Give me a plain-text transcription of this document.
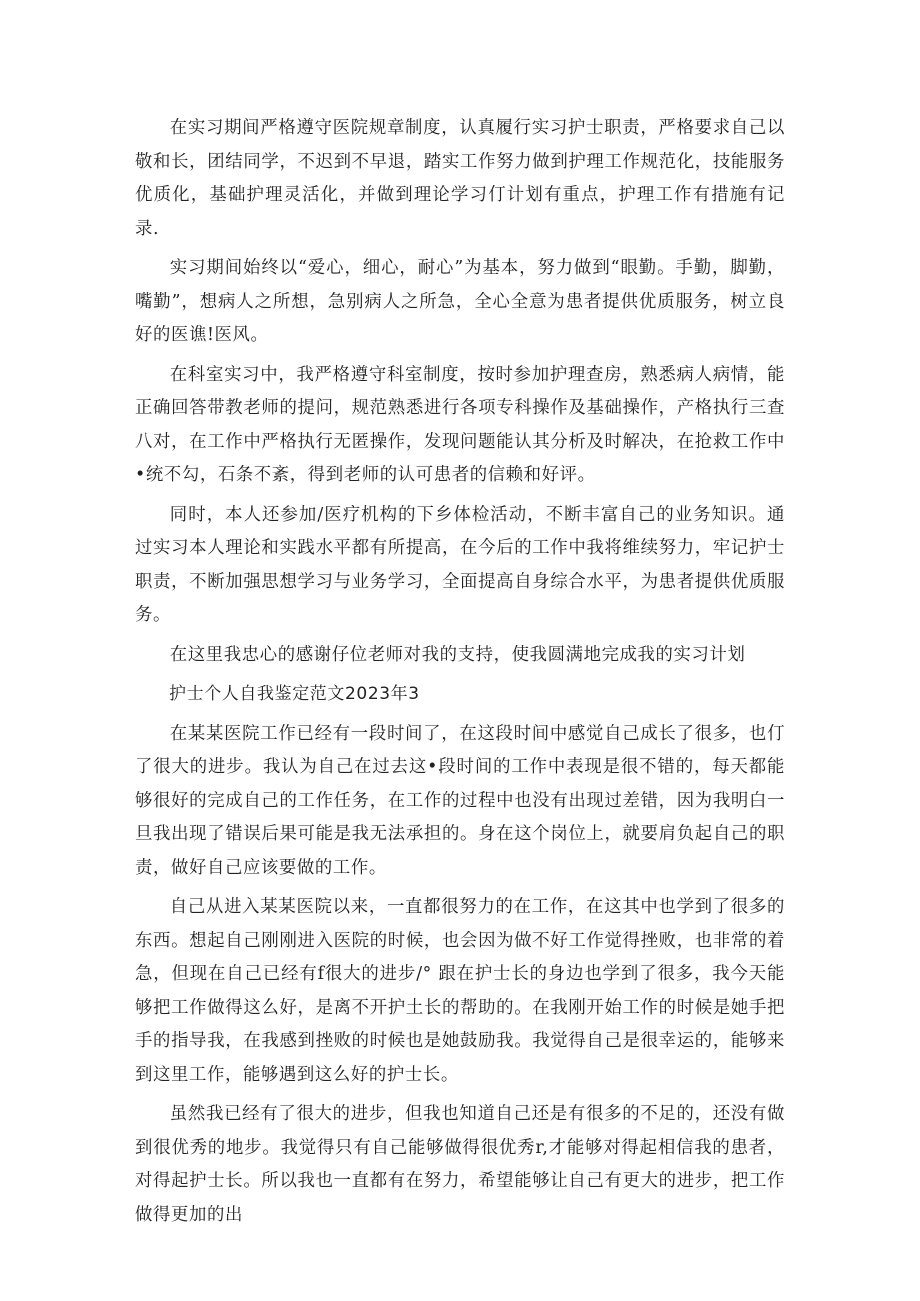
在实习期间严格遵守医院规章制度，认真履行实习护士职责，严格要求自己以敬和长，团结同学，不迟到不早退，踏实工作努力做到护理工作规范化，技能服务优质化，基础护理灵活化，并做到理论学习仃计划有重点，护理工作有措施有记录.

实习期间始终以“爱心，细心，耐心”为基本，努力做到“眼勤。手勤，脚勤，嘴勤”，想病人之所想，急别病人之所急，全心全意为患者提供优质服务，树立良好的医谯!医风。

在科室实习中，我严格遵守科室制度，按时参加护理查房，熟悉病人病情，能正确回答带教老师的提问，规范熟悉进行各项专科操作及基础操作，产格执行三查八对，在工作中严格执行无匿操作，发现问题能认其分析及时解决，在抢救工作中•统不勾，石条不紊，得到老师的认可患者的信赖和好评。

同时，本人还参加/医疗机构的下乡体检活动，不断丰富自己的业务知识。通过实习本人理论和实践水平都有所提高，在今后的工作中我将维续努力，牢记护士职责，不断加强思想学习与业务学习，全面提高自身综合水平，为患者提供优质服务。

在这里我忠心的感谢仔位老师对我的支持，使我圆满地完成我的实习计划

护士个人自我鉴定范文2023年3

在某某医院工作已经有一段时间了，在这段时间中感觉自己成长了很多，也仃了很大的进步。我认为自己在过去这•段时间的工作中表现是很不错的，每天都能够很好的完成自己的工作任务，在工作的过程中也没有出现过差错，因为我明白一旦我出现了错误后果可能是我无法承担的。身在这个岗位上，就要肩负起自己的职责，做好自己应该要做的工作。

自己从进入某某医院以来，一直都很努力的在工作，在这其中也学到了很多的东西。想起自己刚刚进入医院的时候，也会因为做不好工作觉得挫败，也非常的着急，但现在自己已经有f很大的进步/° 跟在护士长的身边也学到了很多，我今天能够把工作做得这么好，是离不开护土长的帮助的。在我刚开始工作的时候是她手把手的指导我，在我感到挫败的时候也是她鼓励我。我觉得自己是很幸运的，能够来到这里工作，能够遇到这么好的护士长。

虽然我已经有了很大的进步，但我也知道自己还是有很多的不足的，还没有做到很优秀的地步。我觉得只有自己能够做得很优秀r,才能够对得起相信我的患者，对得起护士长。所以我也一直都有在努力，希望能够让自己有更大的进步，把工作做得更加的出
